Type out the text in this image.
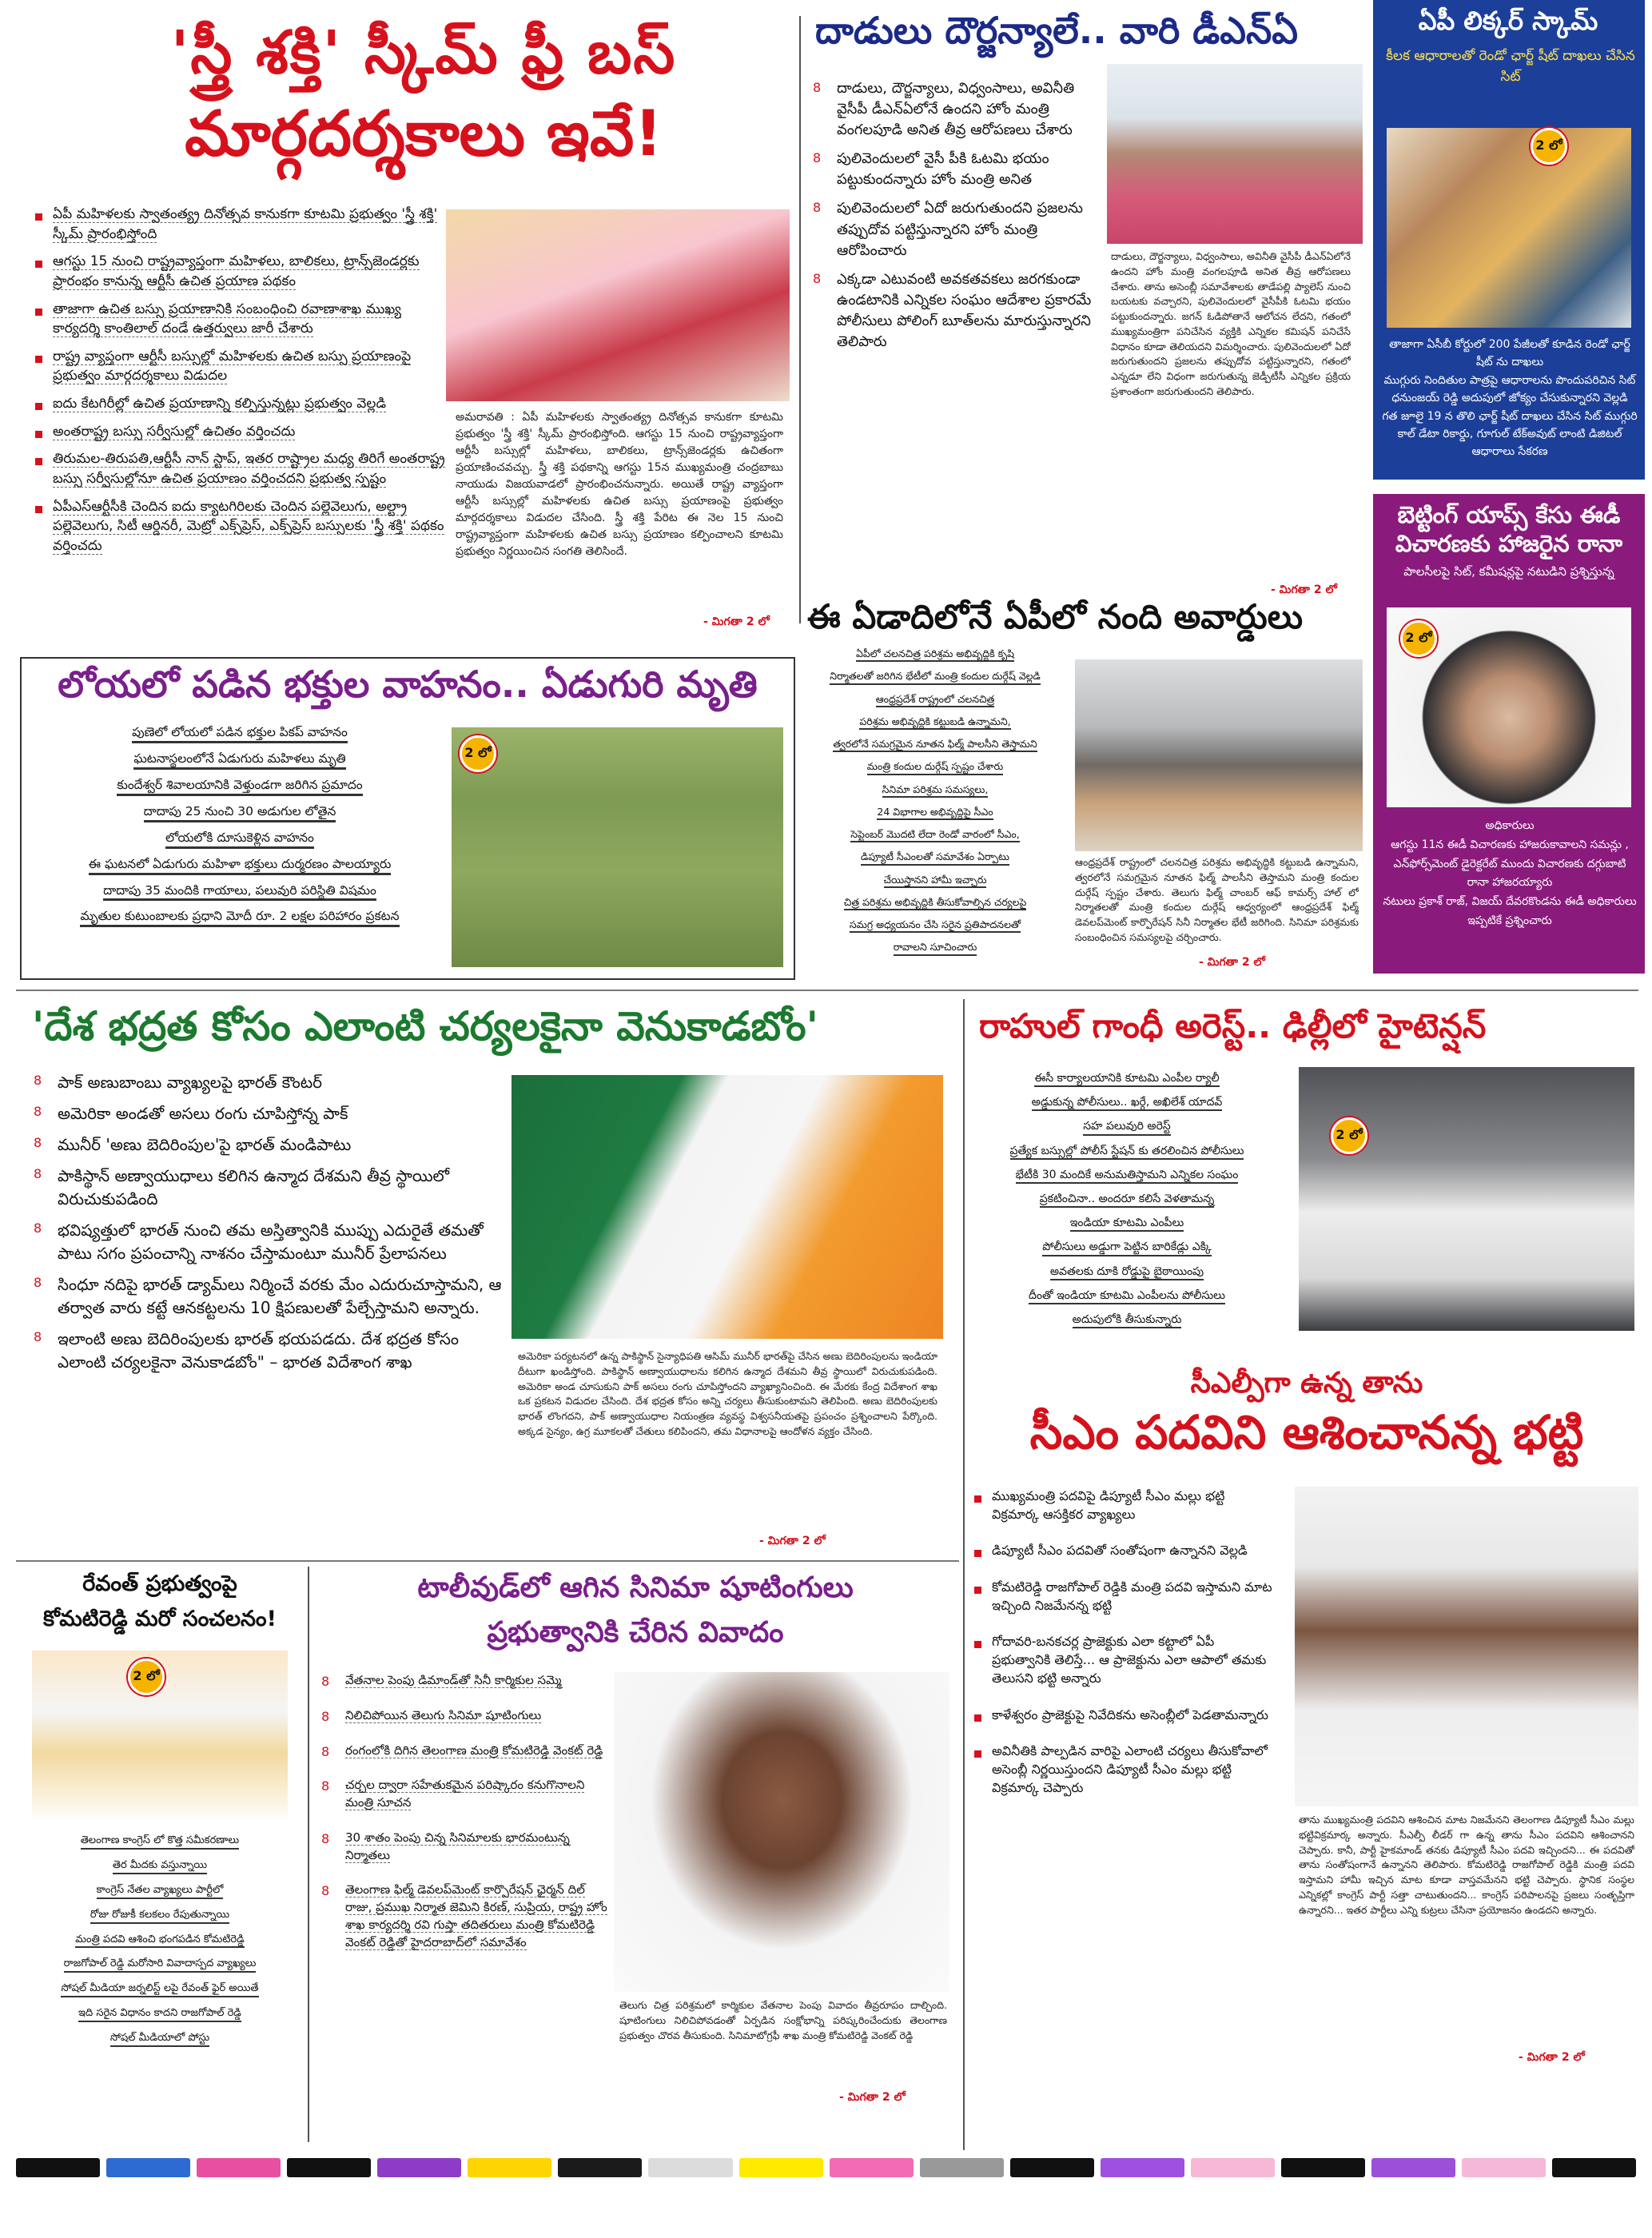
'స్త్రీ శక్తి' స్కీమ్ ఫ్రీ బస్
మార్గదర్శకాలు ఇవే!
ఏపీ మహిళలకు స్వాతంత్య్ర దినోత్సవ కానుకగా కూటమి ప్రభుత్వం 'స్త్రీ శక్తి' స్కీమ్ ప్రారంభిస్తోంది
ఆగస్టు 15 నుంచి రాష్ట్రవ్యాప్తంగా మహిళలు, బాలికలు, ట్రాన్స్‌జెండర్లకు ప్రారంభం కానున్న ఆర్టీసీ ఉచిత ప్రయాణ పథకం
తాజాగా ఉచిత బస్సు ప్రయాణానికి సంబంధించి రవాణాశాఖ ముఖ్య కార్యదర్శి కాంతిలాల్ దండే ఉత్తర్వులు జారీ చేశారు
రాష్ట్ర వ్యాప్తంగా ఆర్టీసీ బస్సుల్లో మహిళలకు ఉచిత బస్సు ప్రయాణంపై ప్రభుత్వం మార్గదర్శకాలు విడుదల
ఐదు కేటగిరీల్లో ఉచిత ప్రయాణాన్ని కల్పిస్తున్నట్లు ప్రభుత్వం వెల్లడి
అంతరాష్ట్ర బస్సు సర్వీసుల్లో ఉచితం వర్తించదు
తిరుమల-తిరుపతి,ఆర్టీసీ నాన్ స్టాప్, ఇతర రాష్ట్రాల మధ్య తిరిగే అంతరాష్ట్ర బస్సు సర్వీసుల్లోనూ ఉచిత ప్రయాణం వర్తించదని ప్రభుత్వ స్పష్టం
ఏపీఎస్‌ఆర్టీసీకి చెందిన ఐదు క్యాటగిరిలకు చెందిన పల్లెవెలుగు, అల్ట్రా పల్లెవెలుగు, సిటీ ఆర్డినరీ, మెట్రో ఎక్స్‌ప్రెస్, ఎక్స్‌ప్రెస్ బస్సులకు 'స్త్రీ శక్తి' పథకం వర్తించదు
అమరావతి : ఏపీ మహిళలకు స్వాతంత్య్ర దినోత్సవ కానుకగా కూటమి ప్రభుత్వం 'స్త్రీ శక్తి' స్కీమ్ ప్రారంభిస్తోంది. ఆగస్టు 15 నుంచి రాష్ట్రవ్యాప్తంగా ఆర్టీసీ బస్సుల్లో మహిళలు, బాలికలు, ట్రాన్స్‌జెండర్లకు ఉచితంగా ప్రయాణించవచ్చు. స్త్రీ శక్తి పథకాన్ని ఆగస్టు 15న ముఖ్యమంత్రి చంద్రబాబు నాయుడు విజయవాడలో ప్రారంభించనున్నారు. అయితే రాష్ట్ర వ్యాప్తంగా ఆర్టీసీ బస్సుల్లో మహిళలకు ఉచిత బస్సు ప్రయాణంపై ప్రభుత్వం మార్గదర్శకాలు విడుదల చేసింది. స్త్రీ శక్తి పేరిట ఈ నెల 15 నుంచి రాష్ట్రవ్యాప్తంగా మహిళలకు ఉచిత బస్సు ప్రయాణం కల్పించాలని కూటమి ప్రభుత్వం నిర్ణయించిన సంగతి తెలిసిందే.
- మిగతా 2 లో
దాడులు దౌర్జన్యాలే.. వారి డీఎన్ఏ
8 దాడులు, దౌర్జన్యాలు, విధ్వంసాలు, అవినీతి వైసీపీ డీఎన్‌ఏలోనే ఉందని హోం మంత్రి వంగలపూడి అనిత తీవ్ర ఆరోపణలు చేశారు
8 పులివెందులలో వైసీ పీకి ఓటమి భయం పట్టుకుందన్నారు హోం మంత్రి అనిత
8 పులివెందులలో ఏదో జరుగుతుందని ప్రజలను తప్పుదోవ పట్టిస్తున్నారని హోం మంత్రి ఆరోపించారు
8 ఎక్కడా ఎటువంటి అవకతవకలు జరగకుండా ఉండటానికి ఎన్నికల సంఘం ఆదేశాల ప్రకారమే పోలీసులు పోలింగ్ బూత్‌లను మారుస్తున్నారని తెలిపారు
దాడులు, దౌర్జన్యాలు, విధ్వంసాలు, అవినీతి వైసీపీ డీఎన్‌ఏలోనే ఉందని హోం మంత్రి వంగలపూడి అనిత తీవ్ర ఆరోపణలు చేశారు. తాను అసెంబ్లీ సమావేశాలకు తాడేపల్లి ప్యాలెస్ నుంచి బయటకు వచ్చారని, పులివెందులలో వైసీపీకి ఓటమి భయం పట్టుకుందన్నారు. జగన్ ఓడిపోతానే ఆలోచన లేదని, గతంలో ముఖ్యమంత్రిగా పనిచేసిన వ్యక్తికి ఎన్నికల కమిషన్ పనిచేసే విధానం కూడా తెలియదని విమర్శించారు. పులివెందులలో ఏదో జరుగుతుందని ప్రజలను తప్పుదోవ పట్టిస్తున్నారని, గతంలో ఎన్నడూ లేని విధంగా జరుగుతున్న జెడ్పీటీసీ ఎన్నికల ప్రక్రియ ప్రశాంతంగా జరుగుతుందని తెలిపారు.
- మిగతా 2 లో
ఏపీ లిక్కర్ స్కామ్
కీలక ఆధారాలతో రెండో ఛార్జ్ షీట్ దాఖలు చేసిన సిట్
2 లో
తాజాగా ఏసీబీ కోర్టులో 200 పేజీలతో కూడిన రెండో ఛార్జ్ షీట్ ను దాఖలు
ముగ్గురు నిందితుల పాత్రపై ఆధారాలను పొందుపరిచిన సిట్
ధనుంజయ్ రెడ్డి అదుపులో జోక్యం చేసుకున్నారని వెల్లడి
గత జూలై 19 న తొలి ఛార్జ్ షీట్ దాఖలు చేసిన సిట్ ముగ్గురి కాల్ డేటా రికార్డు, గూగుల్ టేక్అవుట్ లాంటి డిజిటల్ ఆధారాలు సేకరణ
బెట్టింగ్ యాప్స్ కేసు ఈడీ విచారణకు హాజరైన రానా
పాలసీలపై సిట్, కమీషన్లపై నటుడిని ప్రశ్నిస్తున్న
2 లో
అధికారులు
ఆగస్టు 11న ఈడీ విచారణకు హాజరుకావాలని సమన్లు , ఎన్‌ఫోర్స్‌మెంట్ డైరెక్టరేట్ ముందు విచారణకు దగ్గుబాటి రానా హాజరయ్యారు
నటులు ప్రకాశ్ రాజ్, విజయ్ దేవరకొండను ఈడీ అధికారులు ఇప్పటికే ప్రశ్నించారు
లోయలో పడిన భక్తుల వాహనం.. ఏడుగురి మృతి
పుణెలో లోయలో పడిన భక్తుల పికప్ వాహనం
ఘటనాస్థలంలోనే ఏడుగురు మహిళలు మృతి
కుందేశ్వర్ శివాలయానికి వెళ్తుండగా జరిగిన ప్రమాదం
దాదాపు 25 నుంచి 30 అడుగుల లోతైన
లోయలోకి దూసుకెళ్లిన వాహనం
ఈ ఘటనలో ఏడుగురు మహిళా భక్తులు దుర్మరణం పాలయ్యారు
దాదాపు 35 మందికి గాయాలు, పలువురి పరిస్థితి విషమం
మృతుల కుటుంబాలకు ప్రధాని మోదీ రూ. 2 లక్షల పరిహారం ప్రకటన
2 లో
ఈ ఏడాదిలోనే ఏపీలో నంది అవార్డులు
ఏపీలో చలనచిత్ర పరిశ్రమ అభివృద్ధికి కృషి
నిర్మాతలతో జరిగిన భేటీలో మంత్రి కందుల దుర్గేష్ వెల్లడి
ఆంధ్రప్రదేశ్ రాష్ట్రంలో చలనచిత్ర
పరిశ్రమ అభివృద్ధికి కట్టుబడి ఉన్నామని,
త్వరలోనే సమగ్రమైన నూతన ఫిల్మ్ పాలసీని తెస్తామని
మంత్రి కందుల దుర్గేష్ స్పష్టం చేశారు
సినిమా పరిశ్రమ సమస్యలు,
24 విభాగాల అభివృద్ధిపై సీఎం
సెప్టెంబర్ మొదటి లేదా రెండో వారంలో సీఎం,
డిప్యూటీ సీఎంలతో సమావేశం ఏర్పాటు
చేయిస్తానని హామీ ఇచ్చారు
చిత్ర పరిశ్రమ అభివృద్ధికి తీసుకోవాల్సిన చర్యలపై
సమగ్ర అధ్యయనం చేసి సరైన ప్రతిపాదనలతో
రావాలని సూచించారు
ఆంధ్రప్రదేశ్ రాష్ట్రంలో చలనచిత్ర పరిశ్రమ అభివృద్ధికి కట్టుబడి ఉన్నామని, త్వరలోనే సమగ్రమైన నూతన ఫిల్మ్ పాలసీని తెస్తామని మంత్రి కందుల దుర్గేష్ స్పష్టం చేశారు. తెలుగు ఫిల్మ్ చాంబర్ ఆఫ్ కామర్స్ హాల్ లో నిర్మాతలతో మంత్రి కందుల దుర్గేష్ ఆధ్వర్యంలో ఆంధ్రప్రదేశ్ ఫిల్మ్ డెవలప్‌మెంట్ కార్పొరేషన్ సినీ నిర్మాతల భేటీ జరిగింది. సినిమా పరిశ్రమకు సంబంధించిన సమస్యలపై చర్చించారు.
- మిగతా 2 లో
'దేశ భద్రత కోసం ఎలాంటి చర్యలకైనా వెనుకాడబోం'
8 పాక్ అణుబాంబు వ్యాఖ్యలపై భారత్ కౌంటర్
8 అమెరికా అండతో అసలు రంగు చూపిస్తోన్న పాక్
8 మునీర్ 'అణు బెదిరింపుల'పై భారత్ మండిపాటు
8 పాకిస్థాన్ అణ్వాయుధాలు కలిగిన ఉన్మాద దేశమని తీవ్ర స్థాయిలో విరుచుకుపడింది
8 భవిష్యత్తులో భారత్ నుంచి తమ అస్తిత్వానికి ముప్పు ఎదురైతే తమతో పాటు సగం ప్రపంచాన్ని నాశనం చేస్తామంటూ మునీర్ ప్రేలాపనలు
8 సింధూ నదిపై భారత్ డ్యామ్‌లు నిర్మించే వరకు మేం ఎదురుచూస్తామని, ఆ తర్వాత వారు కట్టే ఆనకట్టలను 10 క్షిపణులతో పేల్చేస్తామని అన్నారు.
8 ఇలాంటి అణు బెదిరింపులకు భారత్ భయపడదు. దేశ భద్రత కోసం ఎలాంటి చర్యలకైనా వెనుకాడబోం" – భారత విదేశాంగ శాఖ	అమెరికా పర్యటనలో ఉన్న పాకిస్థాన్ సైన్యాధిపతి ఆసిమ్ మునీర్ భారత్‌పై చేసిన అణు బెదిరింపులను ఇండియా దీటుగా ఖండిస్తోంది. పాకిస్థాన్ అణ్వాయుధాలను కలిగిన ఉన్మాద దేశమని తీవ్ర స్థాయిలో విరుచుకుపడింది. అమెరికా అండ చూసుకుని పాక్ అసలు రంగు చూపిస్తోందని వ్యాఖ్యానించింది. ఈ మేరకు కేంద్ర విదేశాంగ శాఖ ఒక ప్రకటన విడుదల చేసింది. దేశ భద్రత కోసం అన్ని చర్యలు తీసుకుంటామని తెలిపింది. అణు బెదిరింపులకు భారత్ లొంగదని, పాక్ అణ్వాయుధాల నియంత్రణ వ్యవస్థ విశ్వసనీయతపై ప్రపంచం ప్రశ్నించాలని పేర్కొంది. అక్కడ సైన్యం, ఉగ్ర మూకలతో చేతులు కలిపిందని, తమ విధానాలపై ఆందోళన వ్యక్తం చేసింది.
- మిగతా 2 లో
రాహుల్ గాంధీ అరెస్ట్.. ఢిల్లీలో హైటెన్షన్
ఈసీ కార్యాలయానికి కూటమి ఎంపీల ర్యాలీ
అడ్డుకున్న పోలీసులు.. ఖర్గే, అఖిలేశ్ యాదవ్
సహ పలువురి అరెస్ట్
ప్రత్యేక బస్సుల్లో పోలీస్ స్టేషన్ కు తరలించిన పోలీసులు
భేటీకి 30 మందికే అనుమతిస్తామని ఎన్నికల సంఘం
ప్రకటించినా.. అందరూ కలిసే వెళతామన్న
ఇండియా కూటమి ఎంపీలు
పోలీసులు అడ్డుగా పెట్టిన బారికేడ్లు ఎక్కి
అవతలకు దూకి రోడ్డుపై బైఠాయింపు
దీంతో ఇండియా కూటమి ఎంపీలను పోలీసులు
అదుపులోకి తీసుకున్నారు
2 లో
సీఎల్పీగా ఉన్న తాను
సీఎం పదవిని ఆశించానన్న భట్టి
ముఖ్యమంత్రి పదవిపై డిప్యూటీ సీఎం మల్లు భట్టి విక్రమార్క ఆసక్తికర వ్యాఖ్యలు
డిప్యూటీ సీఎం పదవితో సంతోషంగా ఉన్నానని వెల్లడి
కోమటిరెడ్డి రాజగోపాల్ రెడ్డికి మంత్రి పదవి ఇస్తామని మాట ఇచ్చింది నిజమేనన్న భట్టి
గోదావరి-బనకచర్ల ప్రాజెక్టుకు ఎలా కట్టాలో ఏపీ ప్రభుత్వానికి తెలిస్తే... ఆ ప్రాజెక్టును ఎలా ఆపాలో తమకు తెలుసని భట్టి అన్నారు
కాళేశ్వరం ప్రాజెక్టుపై నివేదికను అసెంబ్లీలో పెడతామన్నారు
అవినీతికి పాల్పడిన వారిపై ఎలాంటి చర్యలు తీసుకోవాలో అసెంబ్లీ నిర్ణయిస్తుందని డిప్యూటీ సీఎం మల్లు భట్టి విక్రమార్క చెప్పారు
తాను ముఖ్యమంత్రి పదవిని ఆశించిన మాట నిజమేనని తెలంగాణ డిప్యూటీ సీఎం మల్లు భట్టివిక్రమార్క అన్నారు. సీఎల్పీ లీడర్ గా ఉన్న తాను సీఎం పదవిని ఆశించానని చెప్పారు. కానీ, పార్టీ హైకమాండ్ తనకు డిప్యూటీ సీఎం పదవి ఇచ్చిందని... ఈ పదవితో తాను సంతోషంగానే ఉన్నానని తెలిపారు. కోమటిరెడ్డి రాజగోపాల్ రెడ్డికి మంత్రి పదవి ఇస్తామని హామీ ఇచ్చిన మాట కూడా వాస్తవమేనని భట్టి చెప్పారు. స్థానిక సంస్థల ఎన్నికల్లో కాంగ్రెస్ పార్టీ సత్తా చాటుతుందని... కాంగ్రెస్ పరిపాలనపై ప్రజలు సంతృప్తిగా ఉన్నారని... ఇతర పార్టీలు ఎన్ని కుట్రలు చేసినా ప్రయోజనం ఉండదని అన్నారు.
- మిగతా 2 లో
రేవంత్ ప్రభుత్వంపై
కోమటిరెడ్డి మరో సంచలనం!
2 లో
తెలంగాణ కాంగ్రెస్ లో కొత్త సమీకరణాలు
తెర మీదకు వస్తున్నాయి
కాంగ్రెస్ నేతల వ్యాఖ్యలు పార్టీలో
రోజు రోజుకీ కలకలం రేపుతున్నాయి
మంత్రి పదవి ఆశించి భంగపడిన కోమటిరెడ్డి
రాజగోపాల్ రెడ్డి మరోసారి వివాదాస్పద వ్యాఖ్యలు
సోషల్ మీడియా జర్నలిస్ట్ లపై రేవంత్ ఫైర్ అయితే
ఇది సరైన విధానం కాదని రాజగోపాల్ రెడ్డి
సోషల్ మీడియాలో పోస్టు
టాలీవుడ్‌లో ఆగిన సినిమా షూటింగులు
ప్రభుత్వానికి చేరిన వివాదం
8 వేతనాల పెంపు డిమాండ్‌తో సినీ కార్మికుల సమ్మె
8 నిలిచిపోయిన తెలుగు సినిమా షూటింగులు
8 రంగంలోకి దిగిన తెలంగాణ మంత్రి కోమటిరెడ్డి వెంకట్ రెడ్డి
8 చర్చల ద్వారా సహేతుకమైన పరిష్కారం కనుగొనాలని మంత్రి సూచన
8 30 శాతం పెంపు చిన్న సినిమాలకు భారమంటున్న నిర్మాతలు
8 తెలంగాణ ఫిల్మ్ డెవలప్‌మెంట్ కార్పొరేషన్ ఛైర్మన్ దిల్ రాజు, ప్రముఖ నిర్మాత జెమిని కిరణ్, సుప్రియ, రాష్ట్ర హోం శాఖ కార్యదర్శి రవి గుప్తా తదితరులు మంత్రి కోమటిరెడ్డి వెంకట్ రెడ్డితో హైదరాబాద్‌లో సమావేశం
తెలుగు చిత్ర పరిశ్రమలో కార్మికుల వేతనాల పెంపు వివాదం తీవ్రరూపం దాల్చింది. షూటింగులు నిలిచిపోవడంతో ఏర్పడిన సంక్షోభాన్ని పరిష్కరించేందుకు తెలంగాణ ప్రభుత్వం చొరవ తీసుకుంది. సినిమాటోగ్రఫీ శాఖ మంత్రి కోమటిరెడ్డి వెంకట్ రెడ్డి
- మిగతా 2 లో
